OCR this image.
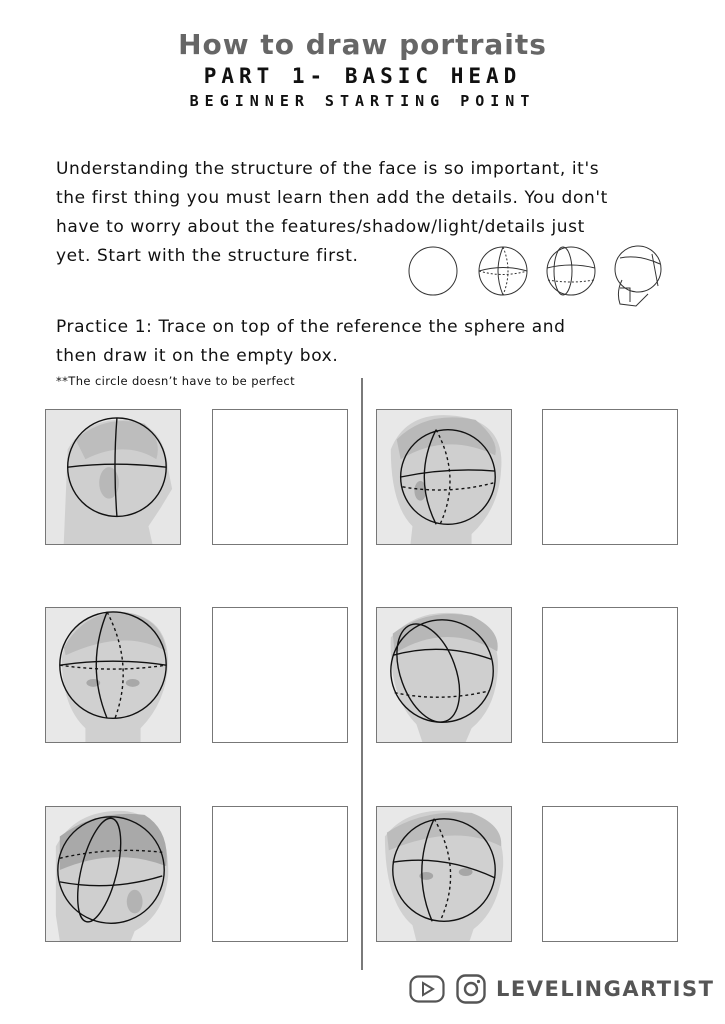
How to draw portraits
PART 1- BASIC HEAD
BEGINNER STARTING POINT
Understanding the structure of the face is so important, it's
the first thing you must learn then add the details. You don't
have to worry about the features/shadow/light/details just
yet. Start with the structure first.
Practice 1: Trace on top of the reference the sphere and
then draw it on the empty box.
**The circle doesn’t have to be perfect
LEVELINGARTIST
